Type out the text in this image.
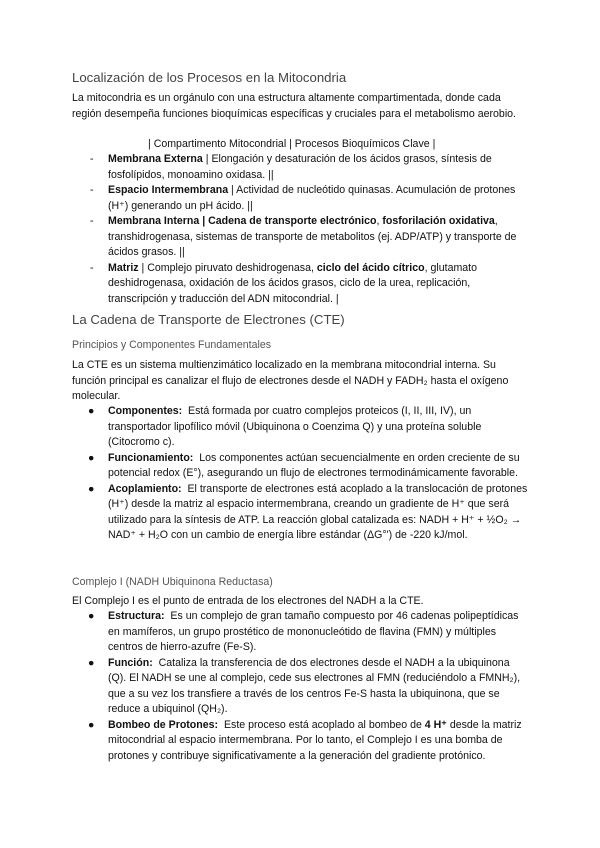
Localización de los Procesos en la Mitocondria
La mitocondria es un orgánulo con una estructura altamente compartimentada, donde cada región desempeña funciones bioquímicas específicas y cruciales para el metabolismo aerobio.
| Compartimento Mitocondrial | Procesos Bioquímicos Clave |
- Membrana Externa | Elongación y desaturación de los ácidos grasos, síntesis de fosfolípidos, monoamino oxidasa. ||
- Espacio Intermembrana | Actividad de nucleótido quinasas. Acumulación de protones (H⁺) generando un pH ácido. ||
- Membrana Interna | Cadena de transporte electrónico, fosforilación oxidativa, transhidrogenasa, sistemas de transporte de metabolitos (ej. ADP/ATP) y transporte de ácidos grasos. ||
- Matriz | Complejo piruvato deshidrogenasa, ciclo del ácido cítrico, glutamato deshidrogenasa, oxidación de los ácidos grasos, ciclo de la urea, replicación, transcripción y traducción del ADN mitocondrial. |
La Cadena de Transporte de Electrones (CTE)
Principios y Componentes Fundamentales
La CTE es un sistema multienzimático localizado en la membrana mitocondrial interna. Su función principal es canalizar el flujo de electrones desde el NADH y FADH₂ hasta el oxígeno molecular.
● Componentes: Está formada por cuatro complejos proteicos (I, II, III, IV), un transportador lipofílico móvil (Ubiquinona o Coenzima Q) y una proteína soluble (Citocromo c).
● Funcionamiento: Los componentes actúan secuencialmente en orden creciente de su potencial redox (E°), asegurando un flujo de electrones termodinámicamente favorable.
● Acoplamiento: El transporte de electrones está acoplado a la translocación de protones (H⁺) desde la matriz al espacio intermembrana, creando un gradiente de H⁺ que será utilizado para la síntesis de ATP. La reacción global catalizada es: NADH + H⁺ + ½O₂ → NAD⁺ + H₂O con un cambio de energía libre estándar (ΔG°') de -220 kJ/mol.
Complejo I (NADH Ubiquinona Reductasa)
El Complejo I es el punto de entrada de los electrones del NADH a la CTE.
● Estructura: Es un complejo de gran tamaño compuesto por 46 cadenas polipeptídicas en mamíferos, un grupo prostético de mononucleótido de flavina (FMN) y múltiples centros de hierro-azufre (Fe-S).
● Función: Cataliza la transferencia de dos electrones desde el NADH a la ubiquinona (Q). El NADH se une al complejo, cede sus electrones al FMN (reduciéndolo a FMNH₂), que a su vez los transfiere a través de los centros Fe-S hasta la ubiquinona, que se reduce a ubiquinol (QH₂).
● Bombeo de Protones: Este proceso está acoplado al bombeo de 4 H⁺ desde la matriz mitocondrial al espacio intermembrana. Por lo tanto, el Complejo I es una bomba de protones y contribuye significativamente a la generación del gradiente protónico.
